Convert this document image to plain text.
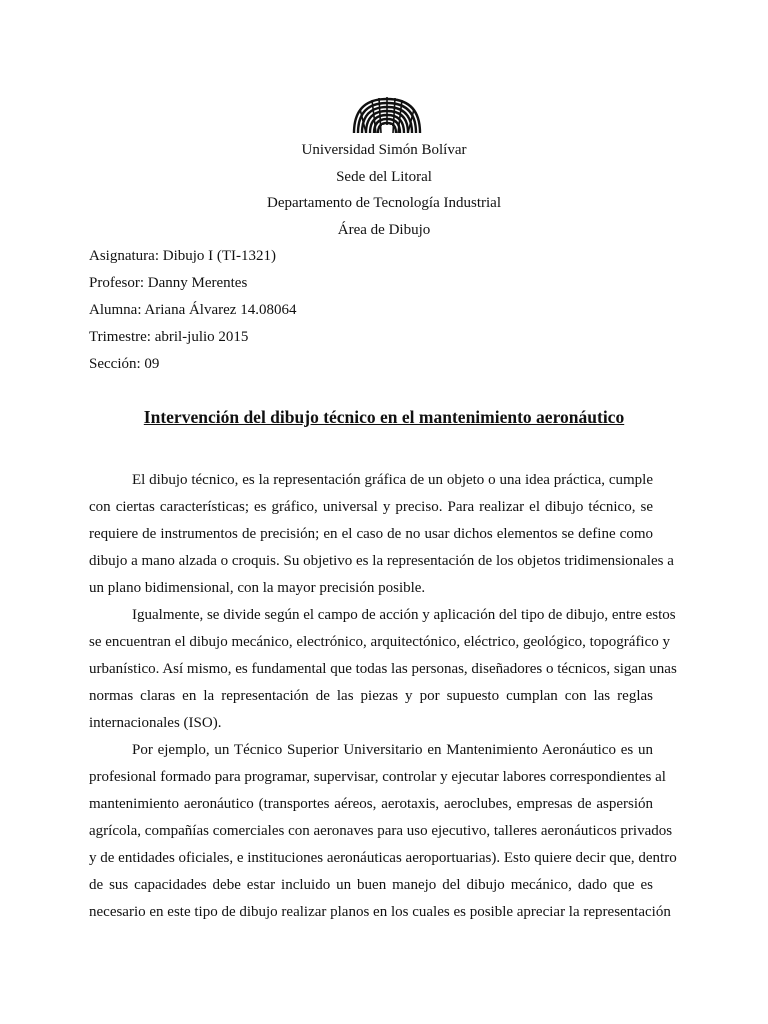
Universidad Simón Bolívar
Sede del Litoral
Departamento de Tecnología Industrial
Área de Dibujo
Asignatura: Dibujo I (TI-1321)
Profesor: Danny Merentes
Alumna: Ariana Álvarez 14.08064
Trimestre: abril-julio 2015
Sección: 09
Intervención del dibujo técnico en el mantenimiento aeronáutico
El dibujo técnico, es la representación gráfica de un objeto o una idea práctica, cumple
con ciertas características; es gráfico, universal y preciso. Para realizar el dibujo técnico, se
requiere de instrumentos de precisión; en el caso de no usar dichos elementos se define como
dibujo a mano alzada o croquis. Su objetivo es la representación de los objetos tridimensionales a
un plano bidimensional, con la mayor precisión posible.
Igualmente, se divide según el campo de acción y aplicación del tipo de dibujo, entre estos
se encuentran el dibujo mecánico, electrónico, arquitectónico, eléctrico, geológico, topográfico y
urbanístico. Así mismo, es fundamental que todas las personas, diseñadores o técnicos, sigan unas
normas claras en la representación de las piezas y por supuesto cumplan con las reglas
internacionales (ISO).
Por ejemplo, un Técnico Superior Universitario en Mantenimiento Aeronáutico es un
profesional formado para programar, supervisar, controlar y ejecutar labores correspondientes al
mantenimiento aeronáutico (transportes aéreos, aerotaxis, aeroclubes, empresas de aspersión
agrícola, compañías comerciales con aeronaves para uso ejecutivo, talleres aeronáuticos privados
y de entidades oficiales, e instituciones aeronáuticas aeroportuarias). Esto quiere decir que, dentro
de sus capacidades debe estar incluido un buen manejo del dibujo mecánico, dado que es
necesario en este tipo de dibujo realizar planos en los cuales es posible apreciar la representación
